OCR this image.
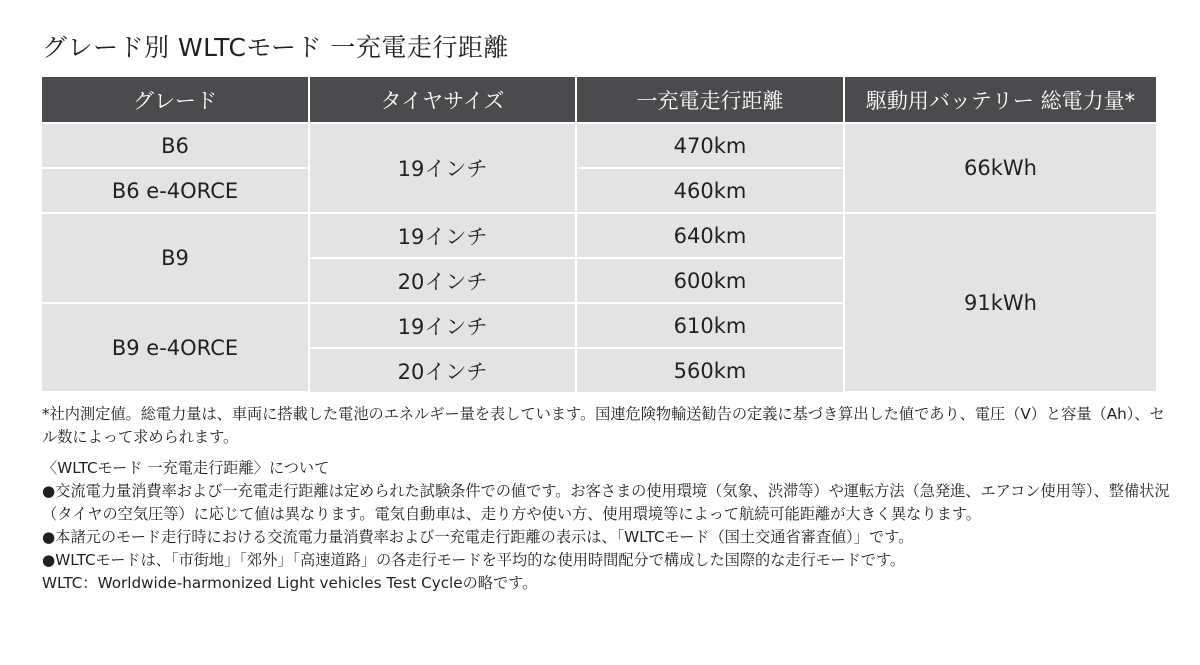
グレード別 WLTCモード 一充電走行距離
グレード	タイヤサイズ	一充電走行距離	駆動用バッテリー 総電力量*
B6	19インチ	470km	66kWh
B6 e-4ORCE		460km	
B9	19インチ	640km	91kWh
	20インチ	600km	
B9 e-4ORCE	19インチ	610km	
	20インチ	560km	

*社内測定値。総電力量は、車両に搭載した電池のエネルギー量を表しています。国連危険物輸送勧告の定義に基づき算出した値であり、電圧（V）と容量（Ah）、セル数によって求められます。

〈WLTCモード 一充電走行距離〉について

●交流電力量消費率および一充電走行距離は定められた試験条件での値です。お客さまの使用環境（気象、渋滞等）や運転方法（急発進、エアコン使用等）、整備状況（タイヤの空気圧等）に応じて値は異なります。電気自動車は、走り方や使い方、使用環境等によって航続可能距離が大きく異なります。

●本諸元のモード走行時における交流電力量消費率および一充電走行距離の表示は、「WLTCモード（国土交通省審査値）」です。

●WLTCモードは、「市街地」「郊外」「高速道路」の各走行モードを平均的な使用時間配分で構成した国際的な走行モードです。

WLTC：Worldwide-harmonized Light vehicles Test Cycleの略です。
